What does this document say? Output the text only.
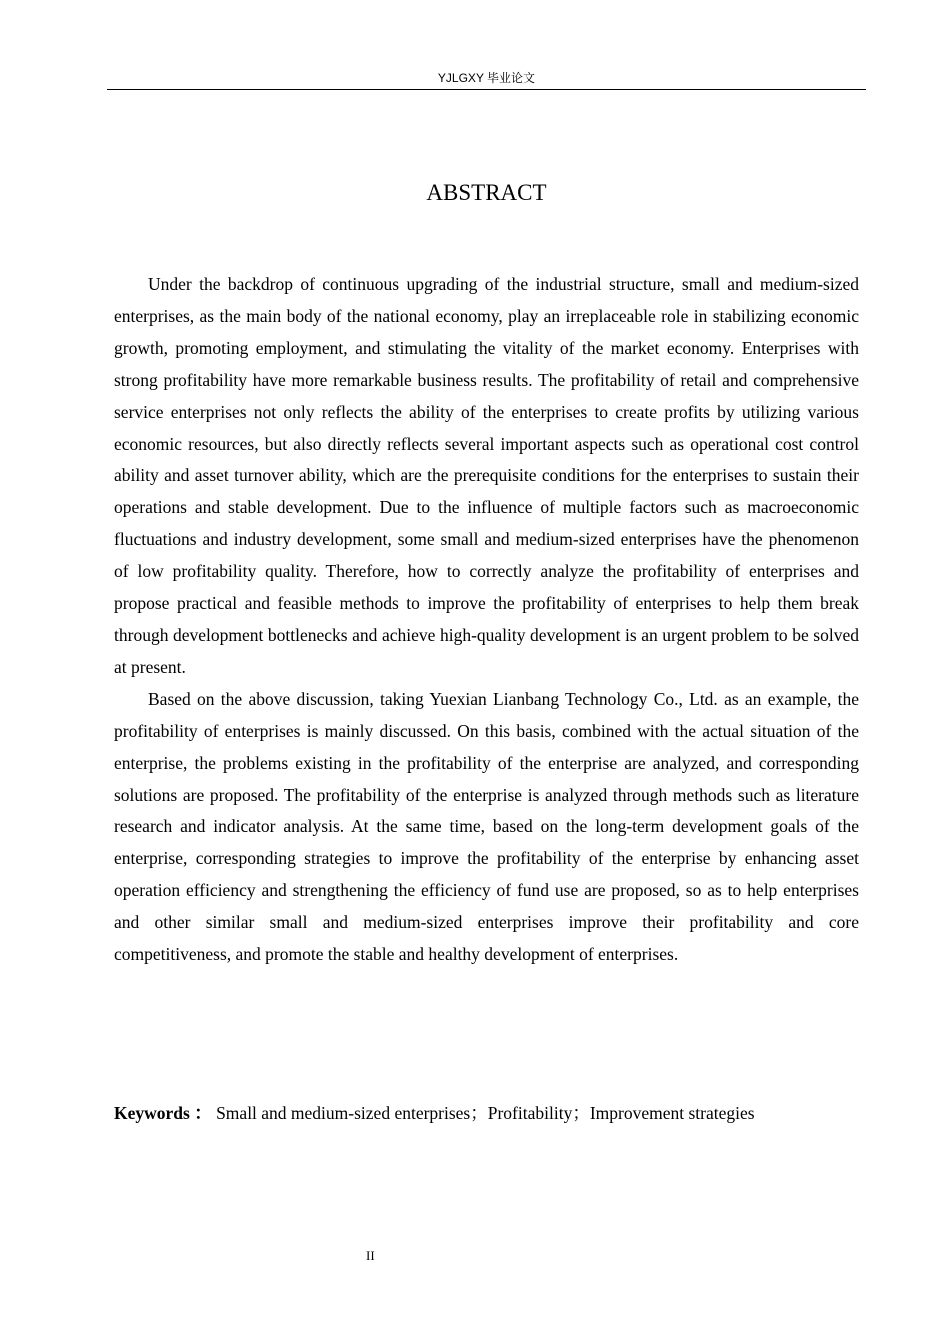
YJLGXY 毕业论文
ABSTRACT

Under the backdrop of continuous upgrading of the industrial structure, small and medium-sized enterprises, as the main body of the national economy, play an irreplaceable role in stabilizing economic growth, promoting employment, and stimulating the vitality of the market economy. Enterprises with strong profitability have more remarkable business results. The profitability of retail and comprehensive service enterprises not only reflects the ability of the enterprises to create profits by utilizing various economic resources, but also directly reflects several important aspects such as operational cost control ability and asset turnover ability, which are the prerequisite conditions for the enterprises to sustain their operations and stable development. Due to the influence of multiple factors such as macroeconomic fluctuations and industry development, some small and medium-sized enterprises have the phenomenon of low profitability quality. Therefore, how to correctly analyze the profitability of enterprises and propose practical and feasible methods to improve the profitability of enterprises to help them break through development bottlenecks and achieve high-quality development is an urgent problem to be solved at present.

Based on the above discussion, taking Yuexian Lianbang Technology Co., Ltd. as an example, the profitability of enterprises is mainly discussed. On this basis, combined with the actual situation of the enterprise, the problems existing in the profitability of the enterprise are analyzed, and corresponding solutions are proposed. The profitability of the enterprise is analyzed through methods such as literature research and indicator analysis. At the same time, based on the long-term development goals of the enterprise, corresponding strategies to improve the profitability of the enterprise by enhancing asset operation efficiency and strengthening the efficiency of fund use are proposed, so as to help enterprises and other similar small and medium-sized enterprises improve their profitability and core competitiveness, and promote the stable and healthy development of enterprises.

Keywords ： Small and medium-sized enterprises；Profitability；Improvement strategies
II
